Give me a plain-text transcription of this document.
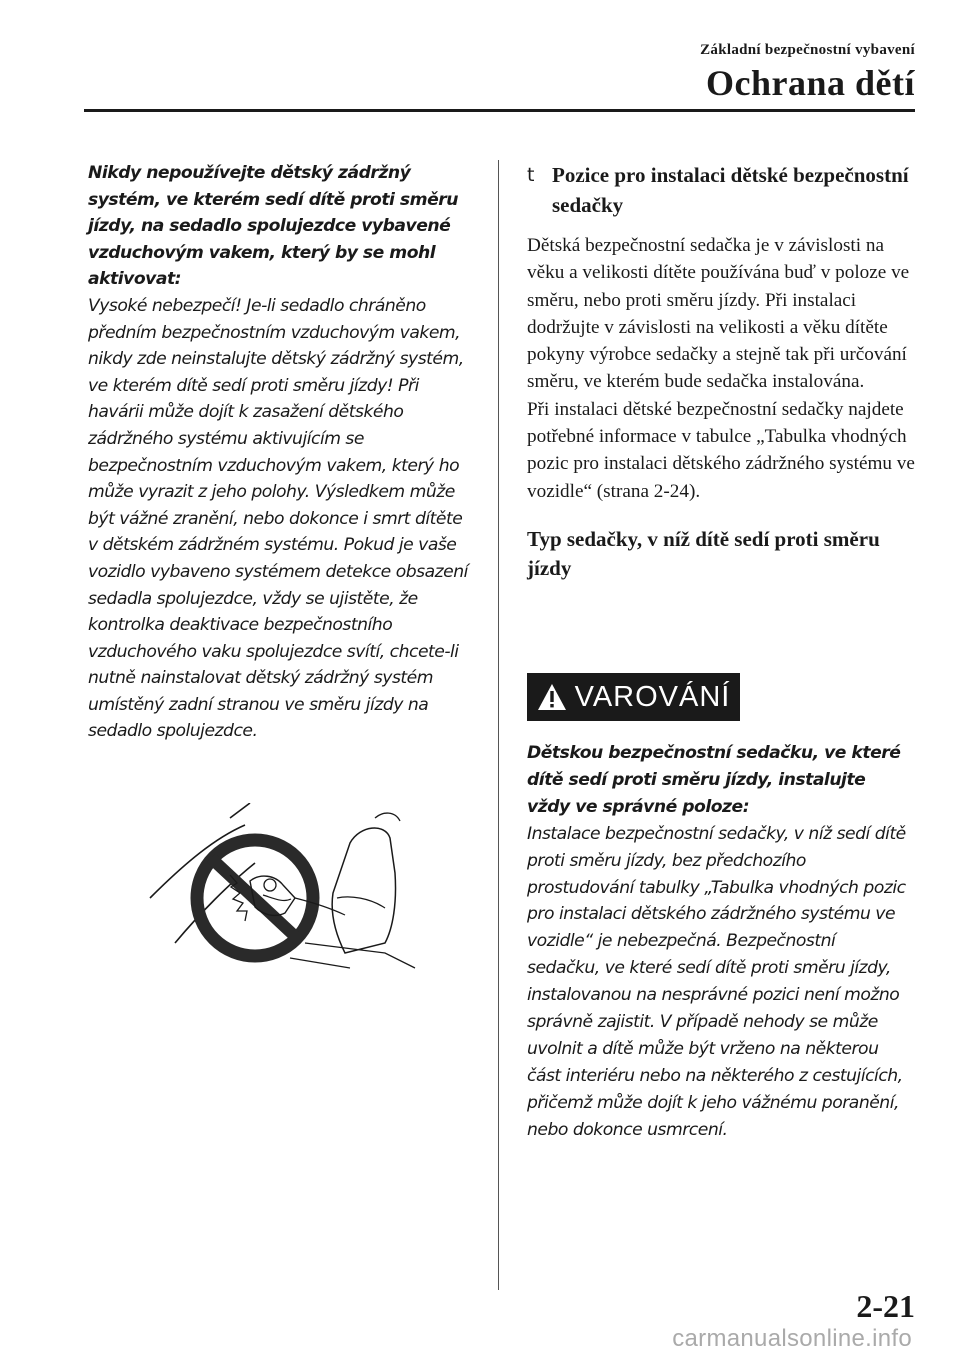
Základní bezpečnostní vybavení
Ochrana dětí

Nikdy nepoužívejte dětský zádržný systém, ve kterém sedí dítě proti směru jízdy, na sedadlo spolujezdce vybavené vzduchovým vakem, který by se mohl aktivovat:

Vysoké nebezpečí! Je-li sedadlo chráněno předním bezpečnostním vzduchovým vakem, nikdy zde neinstalujte dětský zádržný systém, ve kterém dítě sedí proti směru jízdy! Při havárii může dojít k zasažení dětského zádržného systému aktivujícím se bezpečnostním vzduchovým vakem, který ho může vyrazit z jeho polohy. Výsledkem může být vážné zranění, nebo dokonce i smrt dítěte v dětském zádržném systému. Pokud je vaše vozidlo vybaveno systémem detekce obsazení sedadla spolujezdce, vždy se ujistěte, že kontrolka deaktivace bezpečnostního vzduchového vaku spolujezdce svítí, chcete-li nutně nainstalovat dětský zádržný systém umístěný zadní stranou ve směru jízdy na sedadlo spolujezdce.

t Pozice pro instalaci dětské bezpečnostní sedačky

Dětská bezpečnostní sedačka je v závislosti na věku a velikosti dítěte používána buď v poloze ve směru, nebo proti směru jízdy. Při instalaci dodržujte v závislosti na velikosti a věku dítěte pokyny výrobce sedačky a stejně tak při určování směru, ve kterém bude sedačka instalována.

Při instalaci dětské bezpečnostní sedačky najdete potřebné informace v tabulce „Tabulka vhodných pozic pro instalaci dětského zádržného systému ve vozidle“ (strana 2-24).

Typ sedačky, v níž dítě sedí proti směru jízdy

VAROVÁNÍ

Dětskou bezpečnostní sedačku, ve které dítě sedí proti směru jízdy, instalujte vždy ve správné poloze:

Instalace bezpečnostní sedačky, v níž sedí dítě proti směru jízdy, bez předchozího prostudování tabulky „Tabulka vhodných pozic pro instalaci dětského zádržného systému ve vozidle“ je nebezpečná. Bezpečnostní sedačku, ve které sedí dítě proti směru jízdy, instalovanou na nesprávné pozici není možno správně zajistit. V případě nehody se může uvolnit a dítě může být vrženo na některou část interiéru nebo na některého z cestujících, přičemž může dojít k jeho vážnému poranění, nebo dokonce usmrcení.

2-21
carmanualsonline.info
